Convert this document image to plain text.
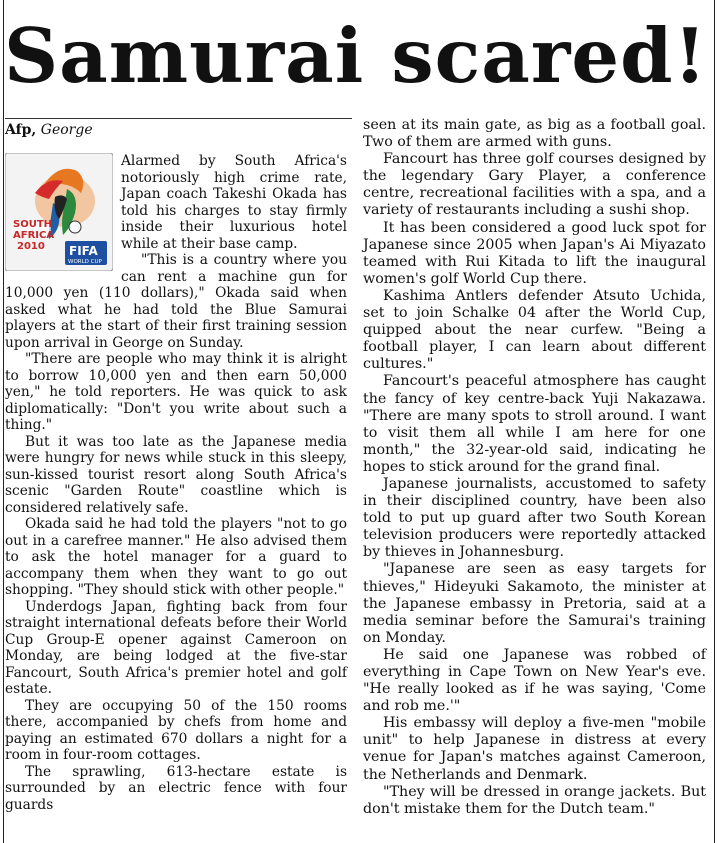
Samurai scared!
Afp, George
SOUTH
AFRICA
2010 FIFA
WORLD CUP

Alarmed by South Africa's notoriously high crime rate, Japan coach Takeshi Okada has told his charges to stay firmly inside their luxurious hotel while at their base camp.

"This is a country where you can rent a machine gun for 10,000 yen (110 dollars)," Okada said when asked what he had told the Blue Samurai players at the start of their first training session upon arrival in George on Sunday.

"There are people who may think it is alright to borrow 10,000 yen and then earn 50,000 yen," he told reporters. He was quick to ask diplomatically: "Don't you write about such a thing."

But it was too late as the Japanese media were hungry for news while stuck in this sleepy, sun-kissed tourist resort along South Africa's scenic "Garden Route" coastline which is considered relatively safe.

Okada said he had told the players "not to go out in a carefree manner." He also advised them to ask the hotel manager for a guard to accompany them when they want to go out shopping. "They should stick with other people."

Underdogs Japan, fighting back from four straight international defeats before their World Cup Group-E opener against Cameroon on Monday, are being lodged at the five-star Fancourt, South Africa's premier hotel and golf estate.

They are occupying 50 of the 150 rooms there, accompanied by chefs from home and paying an estimated 670 dollars a night for a room in four-room cottages.

The sprawling, 613-hectare estate is surrounded by an electric fence with four guards

seen at its main gate, as big as a football goal. Two of them are armed with guns.

Fancourt has three golf courses designed by the legendary Gary Player, a conference centre, recreational facilities with a spa, and a variety of restaurants including a sushi shop.

It has been considered a good luck spot for Japanese since 2005 when Japan's Ai Miyazato teamed with Rui Kitada to lift the inaugural women's golf World Cup there.

Kashima Antlers defender Atsuto Uchida, set to join Schalke 04 after the World Cup, quipped about the near curfew. "Being a football player, I can learn about different cultures."

Fancourt's peaceful atmosphere has caught the fancy of key centre-back Yuji Nakazawa. "There are many spots to stroll around. I want to visit them all while I am here for one month," the 32-year-old said, indicating he hopes to stick around for the grand final.

Japanese journalists, accustomed to safety in their disciplined country, have been also told to put up guard after two South Korean television producers were reportedly attacked by thieves in Johannesburg.

"Japanese are seen as easy targets for thieves," Hideyuki Sakamoto, the minister at the Japanese embassy in Pretoria, said at a media seminar before the Samurai's training on Monday.

He said one Japanese was robbed of everything in Cape Town on New Year's eve. "He really looked as if he was saying, 'Come and rob me.'"

His embassy will deploy a five-men "mobile unit" to help Japanese in distress at every venue for Japan's matches against Cameroon, the Netherlands and Denmark.

"They will be dressed in orange jackets. But don't mistake them for the Dutch team."
